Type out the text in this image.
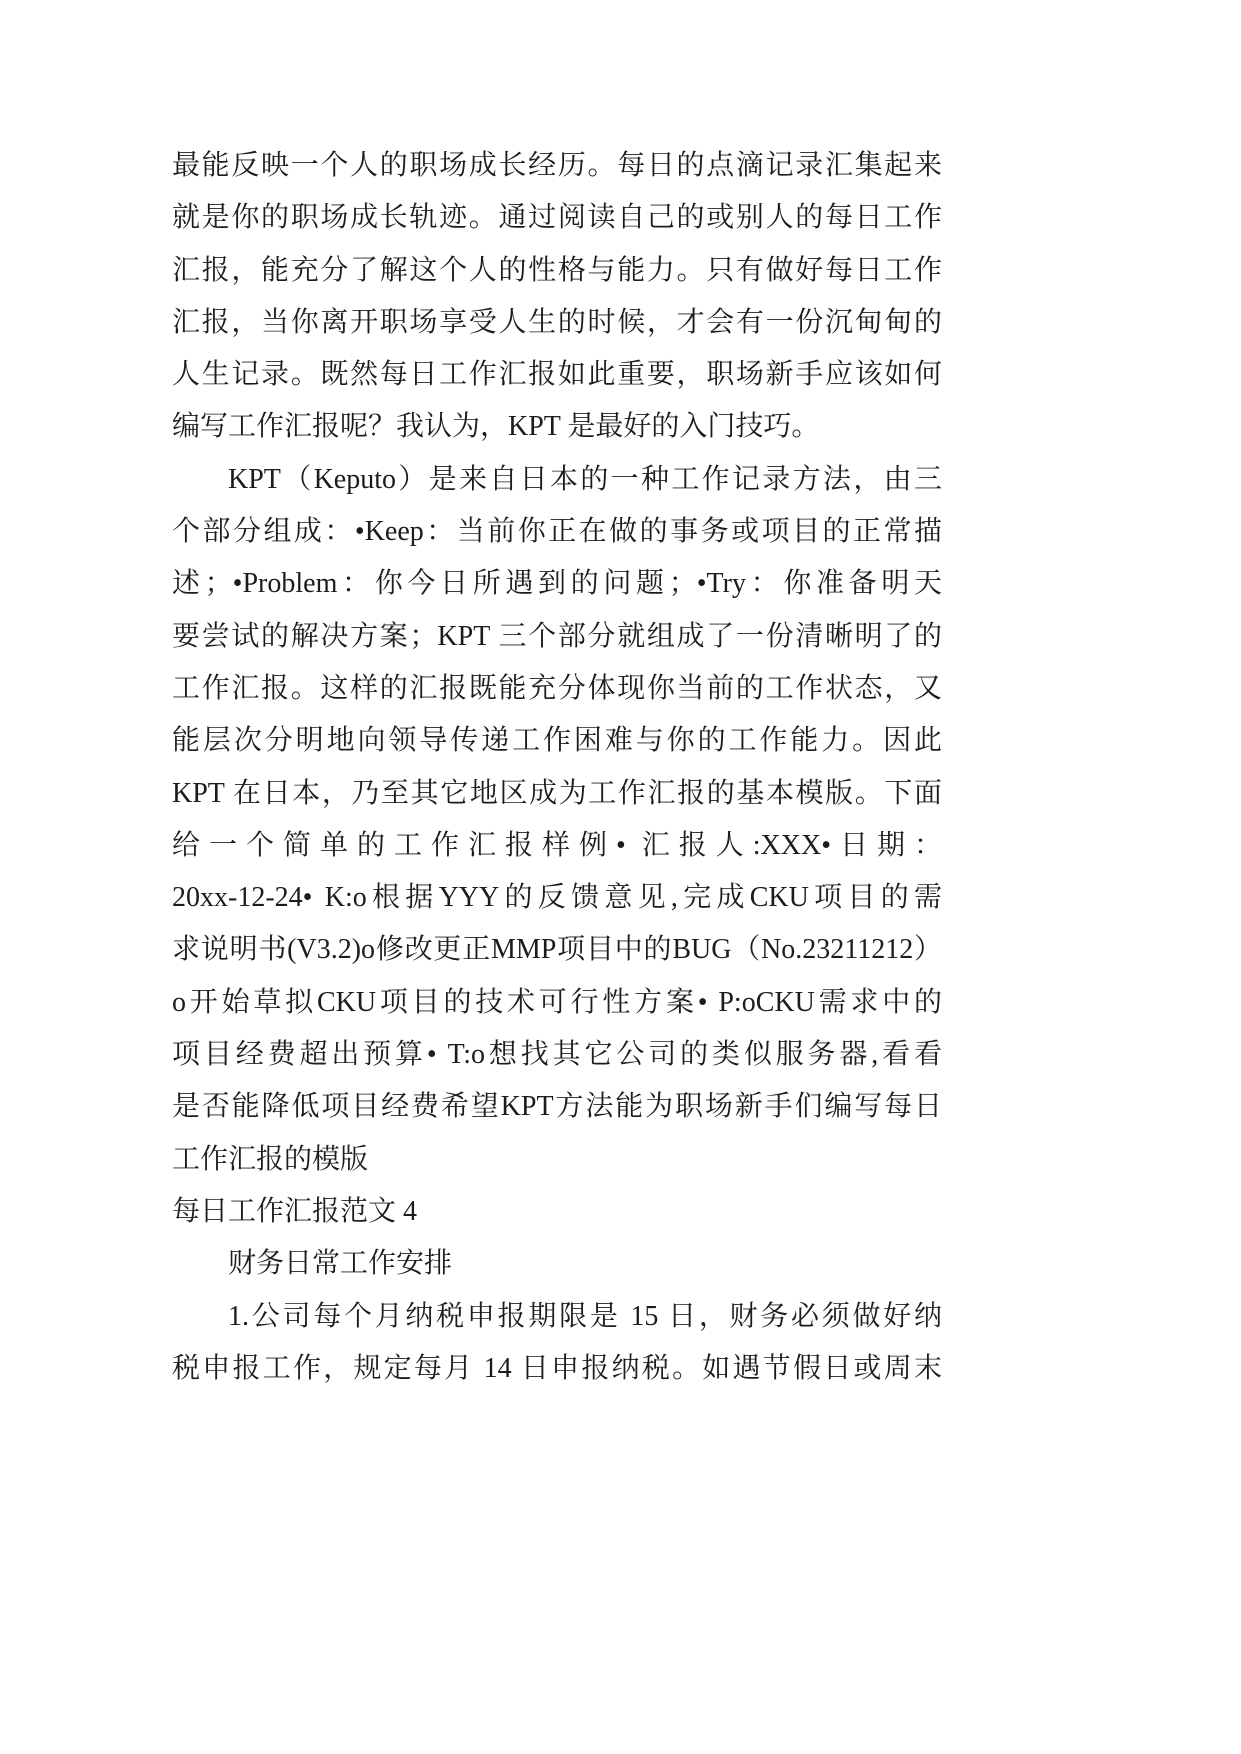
最能反映一个人的职场成长经历。每日的点滴记录汇集起来
就是你的职场成长轨迹。通过阅读自己的或别人的每日工作
汇报，能充分了解这个人的性格与能力。只有做好每日工作
汇报，当你离开职场享受人生的时候，才会有一份沉甸甸的
人生记录。既然每日工作汇报如此重要，职场新手应该如何
编写工作汇报呢？我认为，KPT 是最好的入门技巧。
KPT（Keputo）是来自日本的一种工作记录方法，由三
个部分组成：•Keep：当前你正在做的事务或项目的正常描
述；•Problem：你今日所遇到的问题；•Try：你准备明天
要尝试的解决方案；KPT 三个部分就组成了一份清晰明了的
工作汇报。这样的汇报既能充分体现你当前的工作状态，又
能层次分明地向领导传递工作困难与你的工作能力。因此
KPT 在日本，乃至其它地区成为工作汇报的基本模版。下面
给一个简单的工作汇报样例• 汇报人:XXX•日期：
20xx-12-24• K:o根据YYY的反馈意见,完成CKU项目的需
求说明书(V3.2)o修改更正MMP项目中的BUG（No.23211212）
o开始草拟CKU项目的技术可行性方案• P:oCKU需求中的
项目经费超出预算• T:o想找其它公司的类似服务器,看看
是否能降低项目经费希望KPT方法能为职场新手们编写每日
工作汇报的模版
每日工作汇报范文 4
财务日常工作安排
1.公司每个月纳税申报期限是 15 日，财务必须做好纳
税申报工作，规定每月 14 日申报纳税。如遇节假日或周末
